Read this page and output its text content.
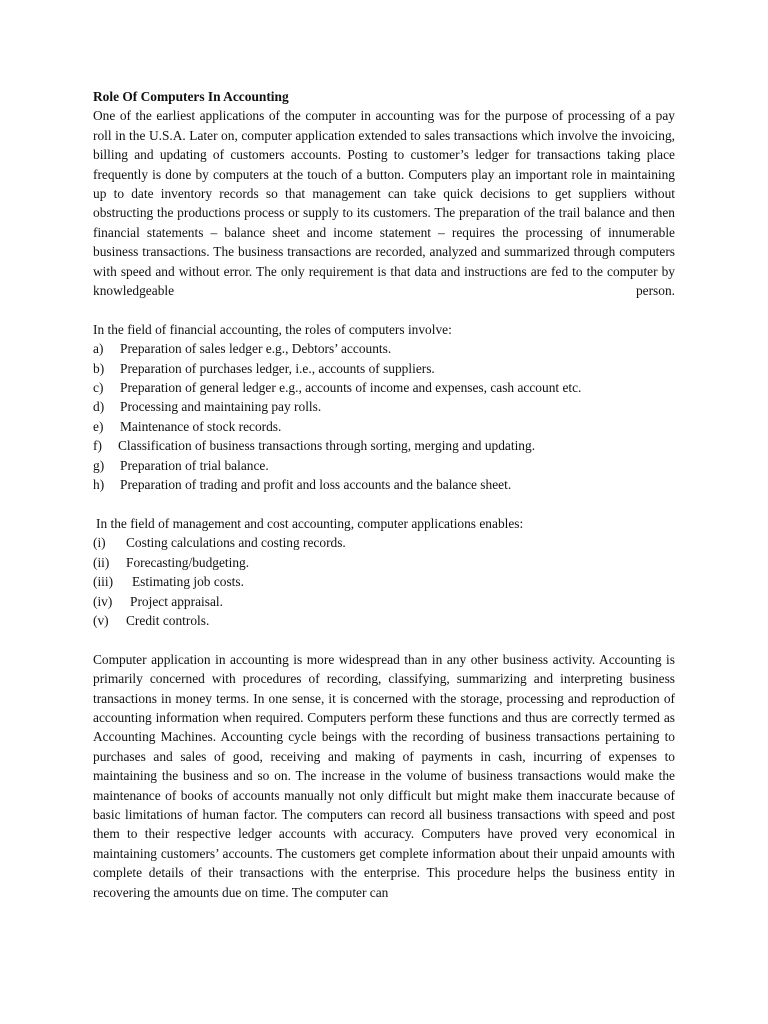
Role Of Computers In Accounting

One of the earliest applications of the computer in accounting was for the purpose of processing of a pay roll in the U.S.A. Later on, computer application extended to sales transactions which involve the invoicing, billing and updating of customers accounts. Posting to customer’s ledger for transactions taking place frequently is done by computers at the touch of a button. Computers play an important role in maintaining up to date inventory records so that management can take quick decisions to get suppliers without obstructing the productions process or supply to its customers. The preparation of the trail balance and then financial statements – balance sheet and income statement – requires the processing of innumerable business transactions. The business transactions are recorded, analyzed and summarized through computers with speed and without error. The only requirement is that data and instructions are fed to the computer by knowledgeable person.

In the field of financial accounting, the roles of computers involve:

a)	Preparation of sales ledger e.g., Debtors’ accounts.
b)	Preparation of purchases ledger, i.e., accounts of suppliers.
c)	Preparation of general ledger e.g., accounts of income and expenses, cash account etc.
d)	Processing and maintaining pay rolls.
e)	Maintenance of stock records.
f)	Classification of business transactions through sorting, merging and updating.
g)	Preparation of trial balance.
h)	Preparation of trading and profit and loss accounts and the balance sheet.

In the field of management and cost accounting, computer applications enables:

(i)	Costing calculations and costing records.
(ii)	Forecasting/budgeting.
(iii)	Estimating job costs.
(iv)	Project appraisal.
(v)	Credit controls.

Computer application in accounting is more widespread than in any other business activity. Accounting is primarily concerned with procedures of recording, classifying, summarizing and interpreting business transactions in money terms. In one sense, it is concerned with the storage, processing and reproduction of accounting information when required. Computers perform these functions and thus are correctly termed as Accounting Machines. Accounting cycle beings with the recording of business transactions pertaining to purchases and sales of good, receiving and making of payments in cash, incurring of expenses to maintaining the business and so on. The increase in the volume of business transactions would make the maintenance of books of accounts manually not only difficult but might make them inaccurate because of basic limitations of human factor. The computers can record all business transactions with speed and post them to their respective ledger accounts with accuracy. Computers have proved very economical in maintaining customers’ accounts. The customers get complete information about their unpaid amounts with complete details of their transactions with the enterprise. This procedure helps the business entity in recovering the amounts due on time. The computer can
